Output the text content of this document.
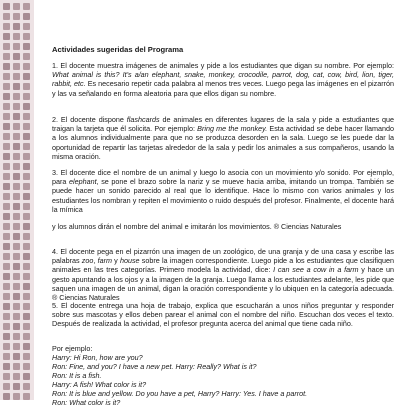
Actividades sugeridas del Programa

1. El docente muestra imágenes de animales y pide a los estudiantes que digan su nombre. Por ejemplo: What animal is this? It’s a/an elephant, snake, monkey, crocodile, parrot, dog, cat, cow, bird, lion, tiger, rabbit, etc. Es necesario repetir cada palabra al menos tres veces. Luego pega las imágenes en el pizarrón y las va señalando en forma aleatoria para que ellos digan su nombre.

2. El docente dispone flashcards de animales en diferentes lugares de la sala y pide a estudiantes que traigan la tarjeta que él solicita. Por ejemplo: Bring me the monkey. Esta actividad se debe hacer llamando a los alumnos individualmente para que no se produzca desorden en la sala. Luego se les puede dar la oportunidad de repartir las tarjetas alrededor de la sala y pedir los animales a sus compañeros, usando la misma oración.

3. El docente dice el nombre de un animal y luego lo asocia con un movimiento y/o sonido. Por ejemplo, para elephant, se pone el brazo sobre la nariz y se mueve hacia arriba, imitando un trompa. También se puede hacer un sonido parecido al real que lo identifique. Hace lo mismo con varios animales y los estudiantes los nombran y repiten el movimiento o ruido después del profesor. Finalmente, el docente hará la mímica

y los alumnos dirán el nombre del animal e imitarán los movimientos. ® Ciencias Naturales

4. El docente pega en el pizarrón una imagen de un zoológico, de una granja y de una casa y escribe las palabras zoo, farm y house sobre la imagen correspondiente. Luego pide a los estudiantes que clasifiquen animales en las tres categorías. Primero modela la actividad, dice: I can see a cow in a farm y hace un gesto apuntando a los ojos y a la imagen de la granja. Luego llama a los estudiantes adelante, les pide que saquen una imagen de un animal, digan la oración correspondiente y lo ubiquen en la categoría adecuada. ® Ciencias Naturales

5. El docente entrega una hoja de trabajo, explica que escucharán a unos niños preguntar y responder sobre sus mascotas y ellos deben parear el animal con el nombre del niño. Escuchan dos veces el texto. Después de realizada la actividad, el profesor pregunta acerca del animal que tiene cada niño.

Por ejemplo:

Harry: Hi Ron, how are you?

Ron: Fine, and you? I have a new pet. Harry: Really? What is it?

Ron: It is a fish.

Harry: A fish! What color is it?

Ron: It is blue and yellow. Do you have a pet, Harry? Harry: Yes. I have a parrot.

Ron: What color is it?
